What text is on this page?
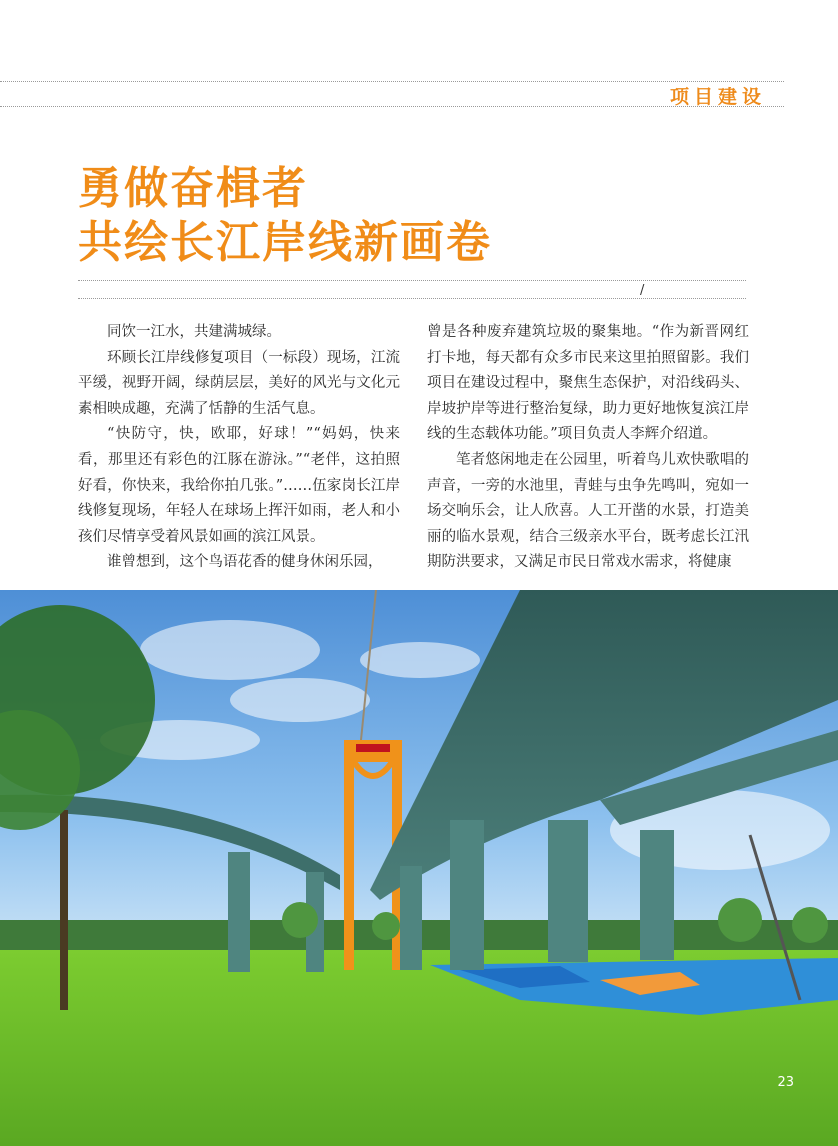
项目建设
勇做奋楫者
共绘长江岸线新画卷
/

同饮一江水，共建满城绿。

环顾长江岸线修复项目（一标段）现场，江流平缓，视野开阔，绿荫层层，美好的风光与文化元素相映成趣，充满了恬静的生活气息。

“快防守，快，欧耶，好球！”“妈妈，快来看，那里还有彩色的江豚在游泳。”“老伴，这拍照好看，你快来，我给你拍几张。”……伍家岗长江岸线修复现场，年轻人在球场上挥汗如雨，老人和小孩们尽情享受着风景如画的滨江风景。

谁曾想到，这个鸟语花香的健身休闲乐园，

曾是各种废弃建筑垃圾的聚集地。“作为新晋网红打卡地，每天都有众多市民来这里拍照留影。我们项目在建设过程中，聚焦生态保护，对沿线码头、岸坡护岸等进行整治复绿，助力更好地恢复滨江岸线的生态载体功能。”项目负责人李辉介绍道。

笔者悠闲地走在公园里，听着鸟儿欢快歌唱的声音，一旁的水池里，青蛙与虫争先鸣叫，宛如一场交响乐会，让人欣喜。人工开凿的水景，打造美丽的临水景观，结合三级亲水平台，既考虑长江汛期防洪要求，又满足市民日常戏水需求，将健康

23
